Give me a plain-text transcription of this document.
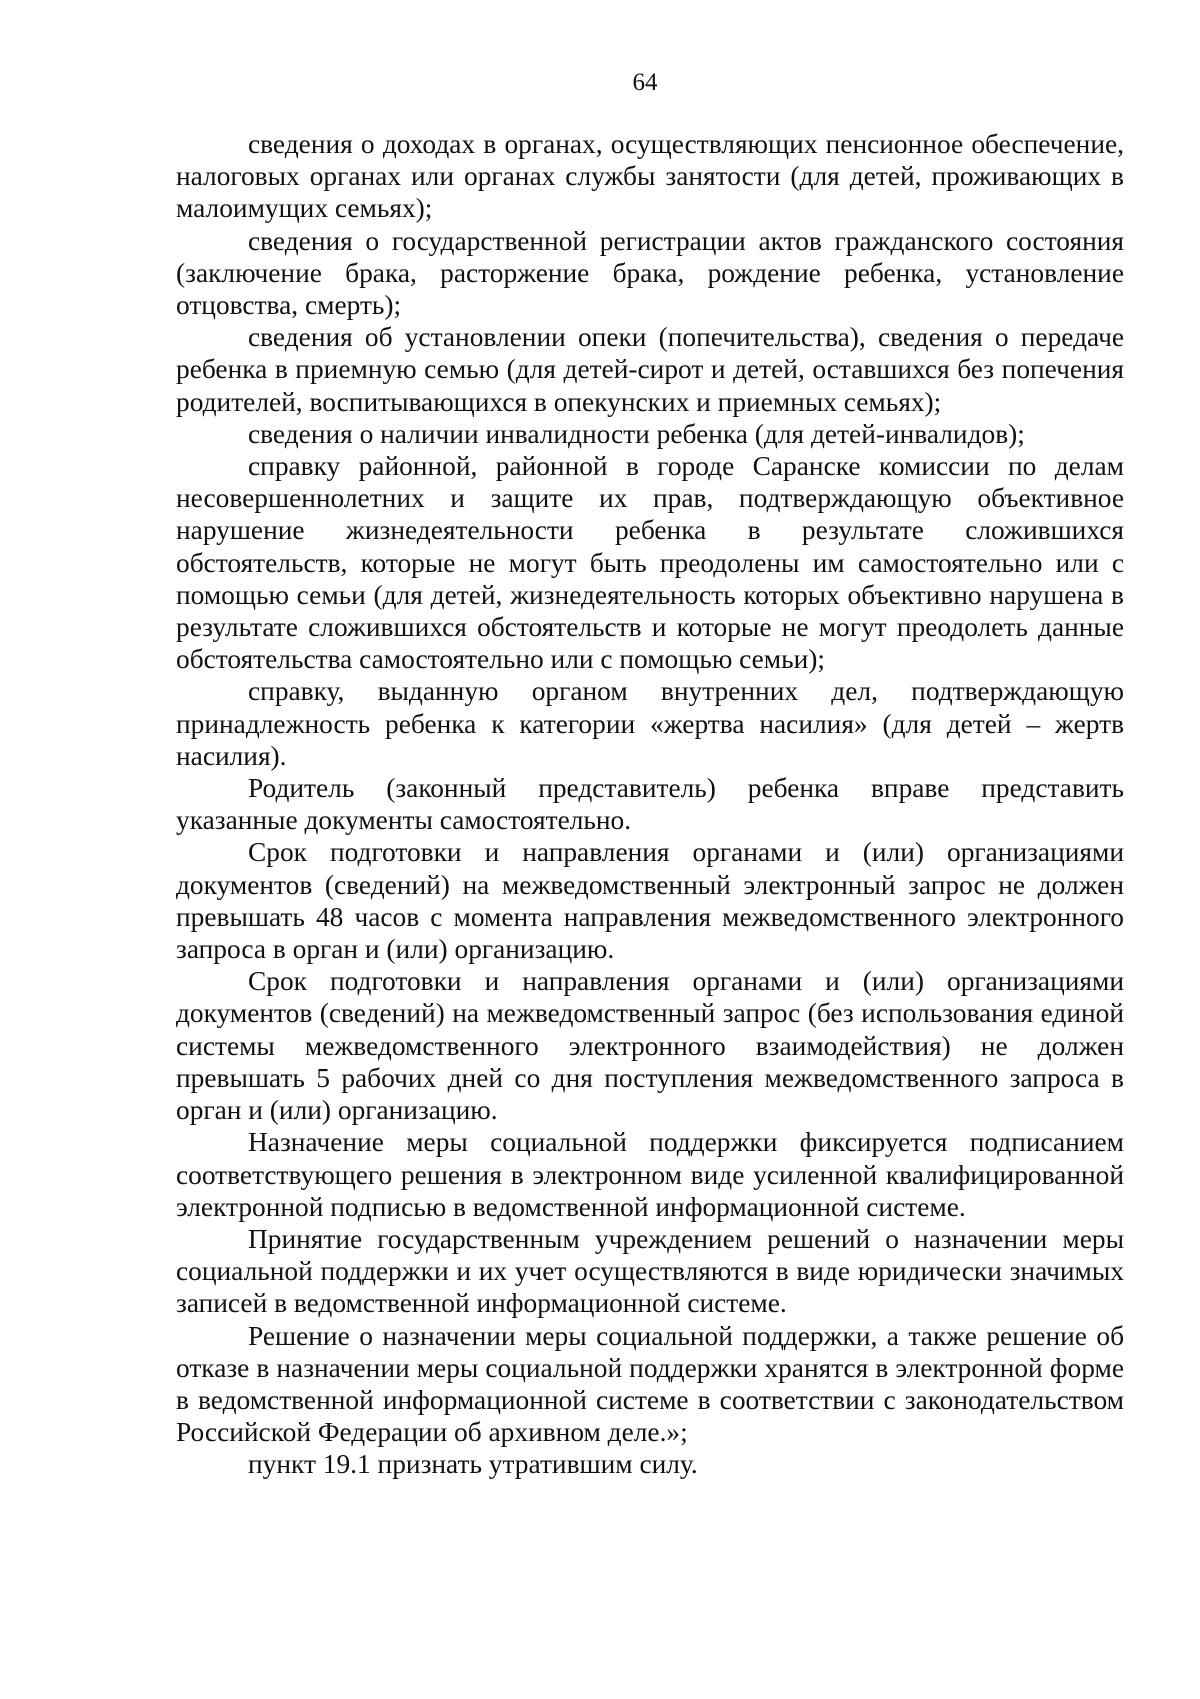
64

сведения о доходах в органах, осуществляющих пенсионное обеспечение, налоговых органах или органах службы занятости (для детей, проживающих в малоимущих семьях);

сведения о государственной регистрации актов гражданского состояния (заключение брака, расторжение брака, рождение ребенка, установление отцовства, смерть);

сведения об установлении опеки (попечительства), сведения о передаче ребенка в приемную семью (для детей-сирот и детей, оставшихся без попечения родителей, воспитывающихся в опекунских и приемных семьях);

сведения о наличии инвалидности ребенка (для детей-инвалидов);

справку районной, районной в городе Саранске комиссии по делам несовершеннолетних и защите их прав, подтверждающую объективное нарушение жизнедеятельности ребенка в результате сложившихся обстоятельств, которые не могут быть преодолены им самостоятельно или с помощью семьи (для детей, жизнедеятельность которых объективно нарушена в результате сложившихся обстоятельств и которые не могут преодолеть данные обстоятельства самостоятельно или с помощью семьи);

справку, выданную органом внутренних дел, подтверждающую принадлежность ребенка к категории «жертва насилия» (для детей – жертв насилия).

Родитель (законный представитель) ребенка вправе представить указанные документы самостоятельно.

Срок подготовки и направления органами и (или) организациями документов (сведений) на межведомственный электронный запрос не должен превышать 48 часов с момента направления межведомственного электронного запроса в орган и (или) организацию.

Срок подготовки и направления органами и (или) организациями документов (сведений) на межведомственный запрос (без использования единой системы межведомственного электронного взаимодействия) не должен превышать 5 рабочих дней со дня поступления межведомственного запроса в орган и (или) организацию.

Назначение меры социальной поддержки фиксируется подписанием соответствующего решения в электронном виде усиленной квалифицированной электронной подписью в ведомственной информационной системе.

Принятие государственным учреждением решений о назначении меры социальной поддержки и их учет осуществляются в виде юридически значимых записей в ведомственной информационной системе.

Решение о назначении меры социальной поддержки, а также решение об отказе в назначении меры социальной поддержки хранятся в электронной форме в ведомственной информационной системе в соответствии с законодательством Российской Федерации об архивном деле.»;

пункт 19.1 признать утратившим силу.
